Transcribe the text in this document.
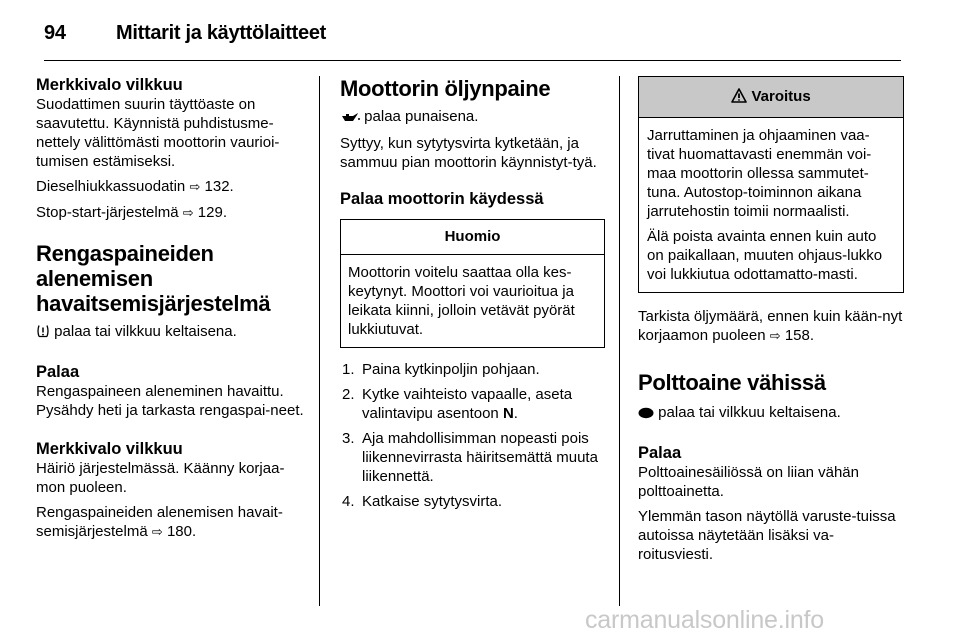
94	Mittarit ja käyttölaitteet
Merkkivalo vilkkuu

Suodattimen suurin täyttöaste on saavutettu. Käynnistä puhdistusme-nettely välittömästi moottorin vaurioi-tumisen estämiseksi.

Dieselhiukkassuodatin ⇨ 132.

Stop-start-järjestelmä ⇨ 129.

Rengaspaineiden alenemisen havaitsemisjärjestelmä

palaa tai vilkkuu keltaisena.

Palaa

Rengaspaineen aleneminen havaittu. Pysähdy heti ja tarkasta rengaspai-neet.

Merkkivalo vilkkuu

Häiriö järjestelmässä. Käänny korjaa-mon puoleen.

Rengaspaineiden alenemisen havait-semisjärjestelmä ⇨ 180.

Moottorin öljynpaine

palaa punaisena.

Syttyy, kun sytytysvirta kytketään, ja sammuu pian moottorin käynnistyt-tyä.

Palaa moottorin käydessä
Huomio

Moottorin voitelu saattaa olla kes-keytynyt. Moottori voi vaurioitua ja leikata kiinni, jolloin vetävät pyörät lukkiutuvat.

1. Paina kytkinpoljin pohjaan.
2. Kytke vaihteisto vapaalle, aseta valintavipu asentoon N.
3. Aja mahdollisimman nopeasti pois liikennevirrasta häiritsemättä muuta liikennettä.
4. Katkaise sytytysvirta.
Varoitus

Jarruttaminen ja ohjaaminen vaa-tivat huomattavasti enemmän voi-maa moottorin ollessa sammutet-tuna. Autostop-toiminnon aikana jarrutehostin toimii normaalisti.

Älä poista avainta ennen kuin auto on paikallaan, muuten ohjaus-lukko voi lukkiutua odottamatto-masti.

Tarkista öljymäärä, ennen kuin kään-nyt korjaamon puoleen ⇨ 158.

Polttoaine vähissä

palaa tai vilkkuu keltaisena.

Palaa

Polttoainesäiliössä on liian vähän polttoainetta.

Ylemmän tason näytöllä varuste-tuissa autoissa näytetään lisäksi va-roitusviesti.

carmanualsonline.info
